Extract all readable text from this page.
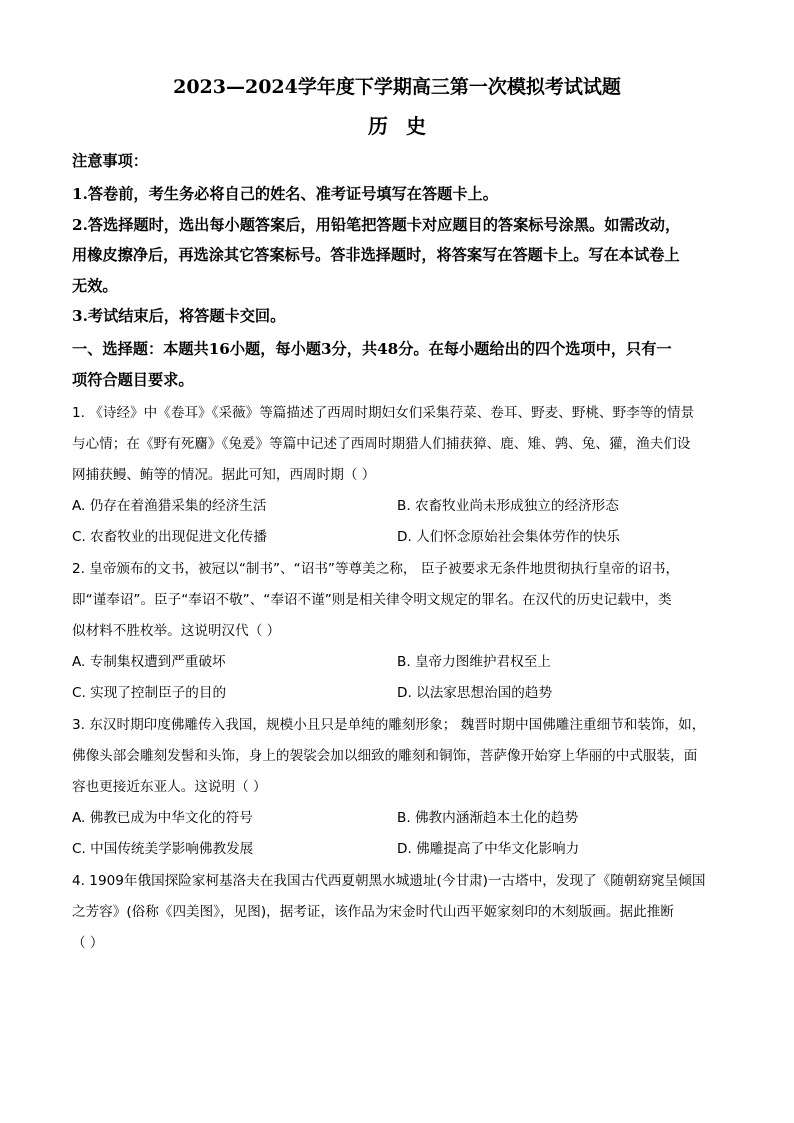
2023—2024学年度下学期高三第一次模拟考试试题
历史
注意事项：
1.答卷前，考生务必将自己的姓名、准考证号填写在答题卡上。
2.答选择题时，选出每小题答案后，用铅笔把答题卡对应题目的答案标号涂黑。如需改动，
用橡皮擦净后，再选涂其它答案标号。答非选择题时，将答案写在答题卡上。写在本试卷上
无效。
3.考试结束后，将答题卡交回。
一、选择题：本题共16小题，每小题3分，共48分。在每小题给出的四个选项中，只有一
项符合题目要求。
1. 《诗经》中《卷耳》《采薇》等篇描述了西周时期妇女们采集荇菜、卷耳、野麦、野桃、野李等的情景
与心情；在《野有死麕》《兔爰》等篇中记述了西周时期猎人们捕获獐、鹿、雉、鹑、兔、獾，渔夫们设
网捕获鳗、鲔等的情况。据此可知，西周时期（ ）
A. 仍存在着渔猎采集的经济生活	B. 农畜牧业尚未形成独立的经济形态
C. 农畜牧业的出现促进文化传播	D. 人们怀念原始社会集体劳作的快乐
2. 皇帝颁布的文书，被冠以“制书”、“诏书”等尊美之称， 臣子被要求无条件地贯彻执行皇帝的诏书，
即“谨奉诏”。臣子“奉诏不敬”、“奉诏不谨”则是相关律令明文规定的罪名。在汉代的历史记载中，类
似材料不胜枚举。这说明汉代（ ）
A. 专制集权遭到严重破坏	B. 皇帝力图维护君权至上
C. 实现了控制臣子的目的	D. 以法家思想治国的趋势
3. 东汉时期印度佛雕传入我国，规模小且只是单纯的雕刻形象； 魏晋时期中国佛雕注重细节和装饰，如，
佛像头部会雕刻发髻和头饰，身上的袈裟会加以细致的雕刻和铜饰，菩萨像开始穿上华丽的中式服装，面
容也更接近东亚人。这说明（ ）
A. 佛教已成为中华文化的符号	B. 佛教内涵渐趋本土化的趋势
C. 中国传统美学影响佛教发展	D. 佛雕提高了中华文化影响力
4. 1909年俄国探险家柯基洛夫在我国古代西夏朝黑水城遗址(今甘肃)一古塔中，发现了《随朝窈窕呈倾国
之芳容》(俗称《四美图》，见图)，据考证，该作品为宋金时代山西平姬家刻印的木刻版画。据此推断
（ ）
